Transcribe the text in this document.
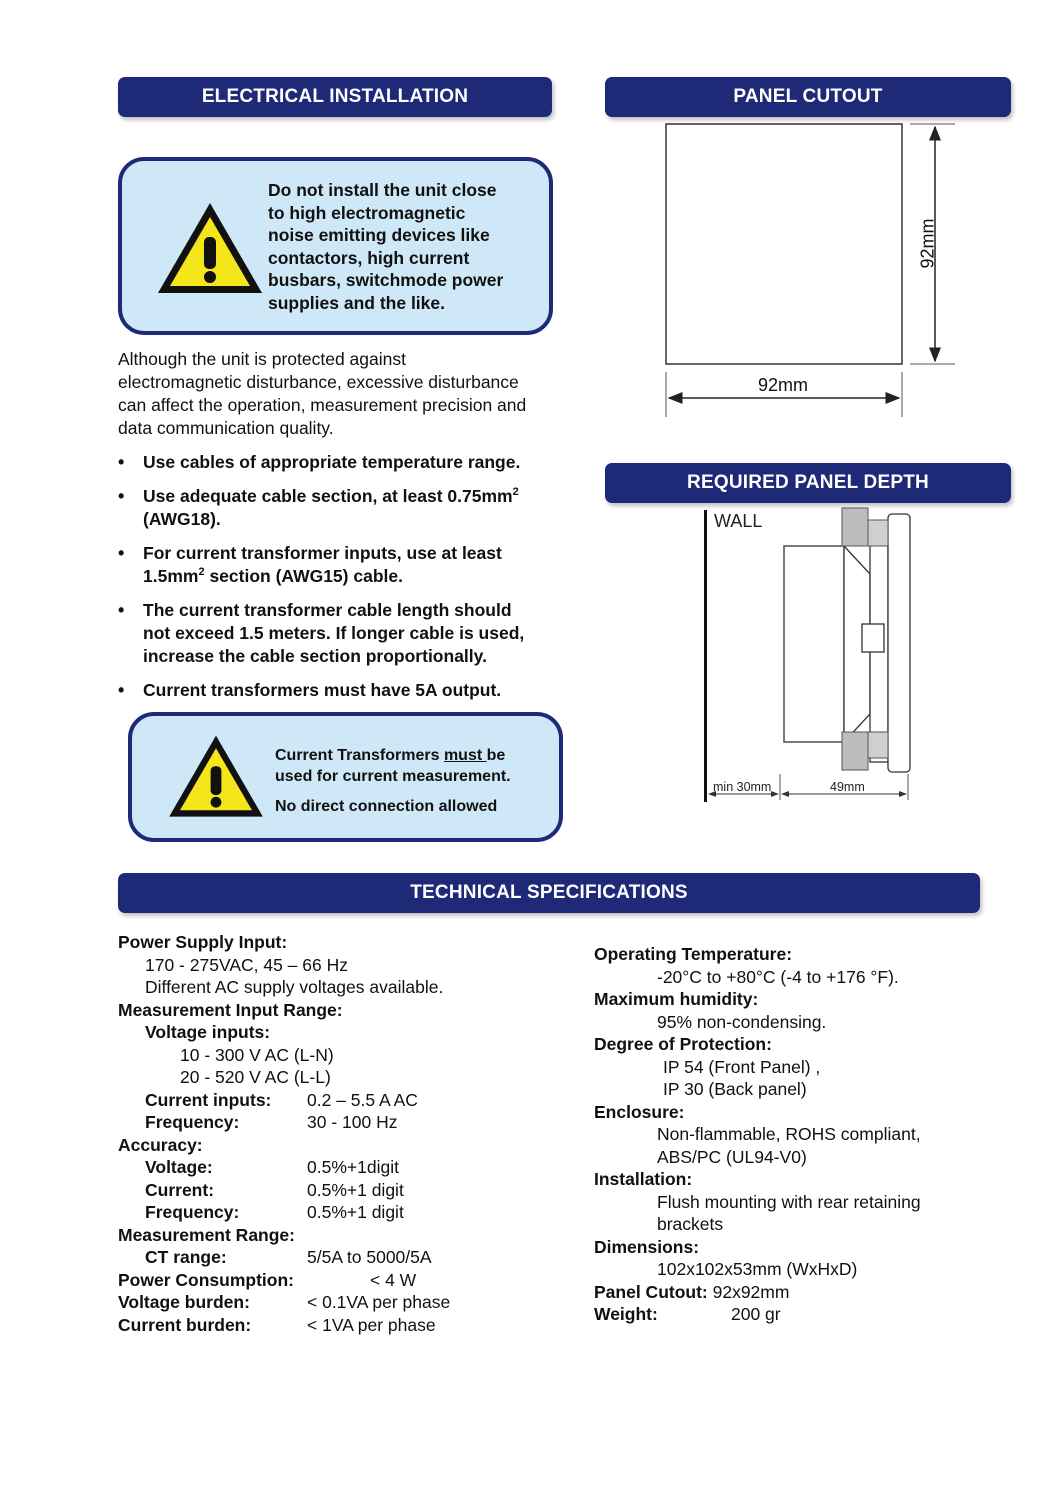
ELECTRICAL INSTALLATION
Do not install the unit close
to high electromagnetic
noise emitting devices like
contactors, high current
busbars, switchmode power
supplies and the like.
Although the unit is protected against
electromagnetic disturbance, excessive disturbance
can affect the operation, measurement precision and
data communication quality.
• Use cables of appropriate temperature range.
• Use adequate cable section, at least $0.75mm^2$
(AWG18).
• For current transformer inputs, use at least
$1.5mm^2$ section (AWG15) cable.
• The current transformer cable length should
not exceed 1.5 meters. If longer cable is used,
increase the cable section proportionally.
• Current transformers must have 5A output.
Current Transformers must be
used for current measurement.
No direct connection allowed
PANEL CUTOUT
92mm
92mm
REQUIRED PANEL DEPTH
WALL
min 30mm	49mm
TECHNICAL SPECIFICATIONS
Power Supply Input:
170 - 275VAC, 45 – 66 Hz
Different AC supply voltages available.
Measurement Input Range:
Voltage inputs:
10 - 300 V AC (L-N)
20 - 520 V AC (L-L)
Current inputs: 0.2 – 5.5 A AC
Frequency:	30 - 100 Hz
Accuracy:
Voltage:	0.5%+1digit
Current:	0.5%+1 digit
Frequency:	0.5%+1 digit
Measurement Range:
CT range:	5/5A to 5000/5A
Power Consumption:	< 4 W
Voltage burden:	< 0.1VA per phase
Current burden:	< 1VA per phase
Operating Temperature:
-20°C to +80°C (-4 to +176 °F).
Maximum humidity:
95% non-condensing.
Degree of Protection:
IP 54 (Front Panel) ,
IP 30 (Back panel)
Enclosure:
Non-flammable, ROHS compliant,
ABS/PC (UL94-V0)
Installation:
Flush mounting with rear retaining
brackets
Dimensions:
102x102x53mm (WxHxD)
Panel Cutout: 92x92mm
Weight:	200 gr
